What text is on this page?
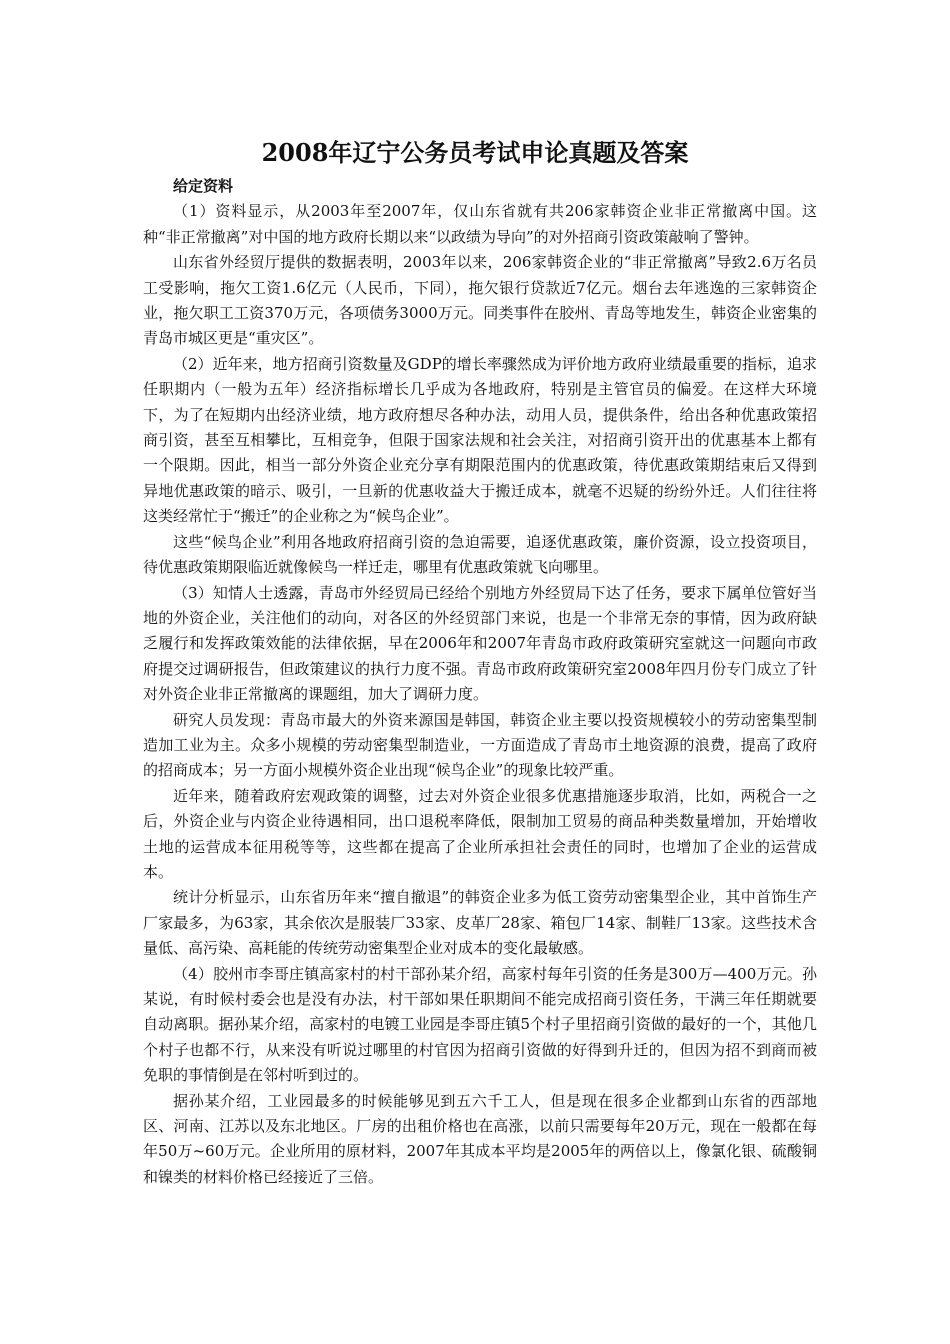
2008年辽宁公务员考试申论真题及答案

给定资料

（1）资料显示，从2003年至2007年，仅山东省就有共206家韩资企业非正常撤离中国。这种“非正常撤离”对中国的地方政府长期以来“以政绩为导向”的对外招商引资政策敲响了警钟。

山东省外经贸厅提供的数据表明，2003年以来，206家韩资企业的“非正常撤离”导致2.6万名员工受影响，拖欠工资1.6亿元（人民币，下同），拖欠银行贷款近7亿元。烟台去年逃逸的三家韩资企业，拖欠职工工资370万元，各项债务3000万元。同类事件在胶州、青岛等地发生，韩资企业密集的青岛市城区更是“重灾区”。

（2）近年来，地方招商引资数量及GDP的增长率骤然成为评价地方政府业绩最重要的指标，追求任职期内（一般为五年）经济指标增长几乎成为各地政府，特别是主管官员的偏爱。在这样大环境下，为了在短期内出经济业绩，地方政府想尽各种办法，动用人员，提供条件，给出各种优惠政策招商引资，甚至互相攀比，互相竞争，但限于国家法规和社会关注，对招商引资开出的优惠基本上都有一个限期。因此，相当一部分外资企业充分享有期限范围内的优惠政策，待优惠政策期结束后又得到异地优惠政策的暗示、吸引，一旦新的优惠收益大于搬迁成本，就毫不迟疑的纷纷外迁。人们往往将这类经常忙于“搬迁”的企业称之为“候鸟企业”。

这些“候鸟企业”利用各地政府招商引资的急迫需要，追逐优惠政策，廉价资源，设立投资项目，待优惠政策期限临近就像候鸟一样迁走，哪里有优惠政策就飞向哪里。

（3）知情人士透露，青岛市外经贸局已经给个别地方外经贸局下达了任务，要求下属单位管好当地的外资企业，关注他们的动向，对各区的外经贸部门来说，也是一个非常无奈的事情，因为政府缺乏履行和发挥政策效能的法律依据，早在2006年和2007年青岛市政府政策研究室就这一问题向市政府提交过调研报告，但政策建议的执行力度不强。青岛市政府政策研究室2008年四月份专门成立了针对外资企业非正常撤离的课题组，加大了调研力度。

研究人员发现：青岛市最大的外资来源国是韩国，韩资企业主要以投资规模较小的劳动密集型制造加工业为主。众多小规模的劳动密集型制造业，一方面造成了青岛市土地资源的浪费，提高了政府的招商成本；另一方面小规模外资企业出现“候鸟企业”的现象比较严重。

近年来，随着政府宏观政策的调整，过去对外资企业很多优惠措施逐步取消，比如，两税合一之后，外资企业与内资企业待遇相同，出口退税率降低，限制加工贸易的商品种类数量增加，开始增收土地的运营成本征用税等等，这些都在提高了企业所承担社会责任的同时，也增加了企业的运营成本。

统计分析显示，山东省历年来“擅自撤退”的韩资企业多为低工资劳动密集型企业，其中首饰生产厂家最多，为63家，其余依次是服装厂33家、皮革厂28家、箱包厂14家、制鞋厂13家。这些技术含量低、高污染、高耗能的传统劳动密集型企业对成本的变化最敏感。

（4）胶州市李哥庄镇高家村的村干部孙某介绍，高家村每年引资的任务是300万—400万元。孙某说，有时候村委会也是没有办法，村干部如果任职期间不能完成招商引资任务，干满三年任期就要自动离职。据孙某介绍，高家村的电镀工业园是李哥庄镇5个村子里招商引资做的最好的一个，其他几个村子也都不行，从来没有听说过哪里的村官因为招商引资做的好得到升迁的，但因为招不到商而被免职的事情倒是在邻村听到过的。

据孙某介绍，工业园最多的时候能够见到五六千工人，但是现在很多企业都到山东省的西部地区、河南、江苏以及东北地区。厂房的出租价格也在高涨，以前只需要每年20万元，现在一般都在每年50万~60万元。企业所用的原材料，2007年其成本平均是2005年的两倍以上，像氯化银、硫酸铜和镍类的材料价格已经接近了三倍。
